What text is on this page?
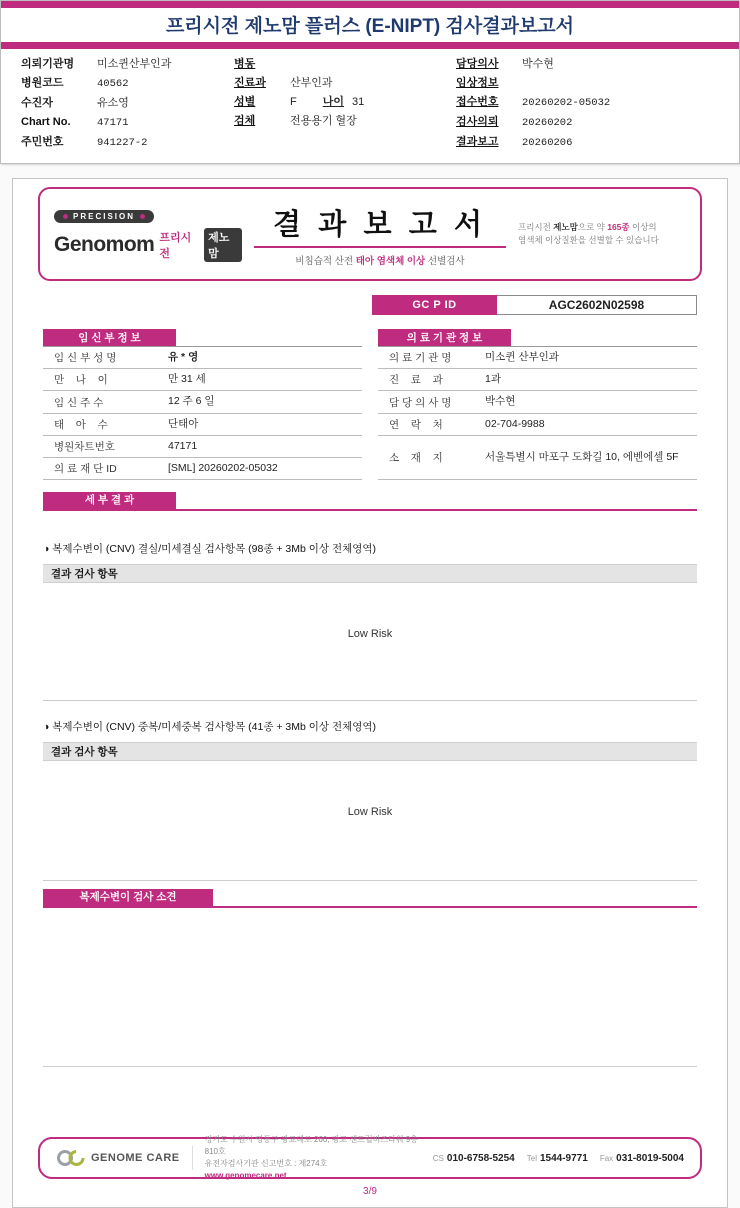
프리시전 제노맘 플러스 (E-NIPT) 검사결과보고서
의뢰기관명	미소퀸산부인과
병원코드	40562
수진자	유소영
Chart No.	47171
주민번호	941227-2
병동
진료과	산부인과
성별	F 나이 31
검체	전용용기 혈장
담당의사	박수현
임상정보
접수번호	20260202-05032
검사의뢰	20260202
결과보고	20260206
PRECISION
Genomom 프리시전
제노맘
결 과 보 고 서
비침습적 산전 태아 염색체 이상 선별검사
프리시전 제노맘으로 약 165종 이상의
염색체 이상질환을 선별할 수 있습니다
GC P ID	AGC2602N02598
임 신 부 정 보
임 신 부 성 명	유 * 영
만    나    이	만 31 세
임 신 주 수	12 주 6 일
태    아    수	단태아
병원차트번호	47171
의 료 재 단 ID	[SML] 20260202-05032
의 료 기 관 정 보
의 료 기 관 명	미소퀸 산부인과
진    료    과	1과
담 당 의 사 명	박수현
연    락    처	02-704-9988
소    재    지	서울특별시 마포구 도화길 10, 에벤에셀 5F
세 부 결 과
◑ 복제수변이 (CNV) 결실/미세결실 검사항목 (98종 + 3Mb 이상 전체영역)
결과 검사 항목
Low Risk
◑ 복제수변이 (CNV) 중복/미세중복 검사항목 (41종 + 3Mb 이상 전체영역)
결과 검사 항목
Low Risk
복제수변이 검사 소견
GENOME CARE
경기도 수원시 영통구 광교대로 260, 광교 센트럴비즈타워 9층 810호
유전자검사기관 신고번호 : 제274호
www.genomecare.net
CS 010-6758-5254 Tel 1544-9771 Fax 031-8019-5004
3/9
